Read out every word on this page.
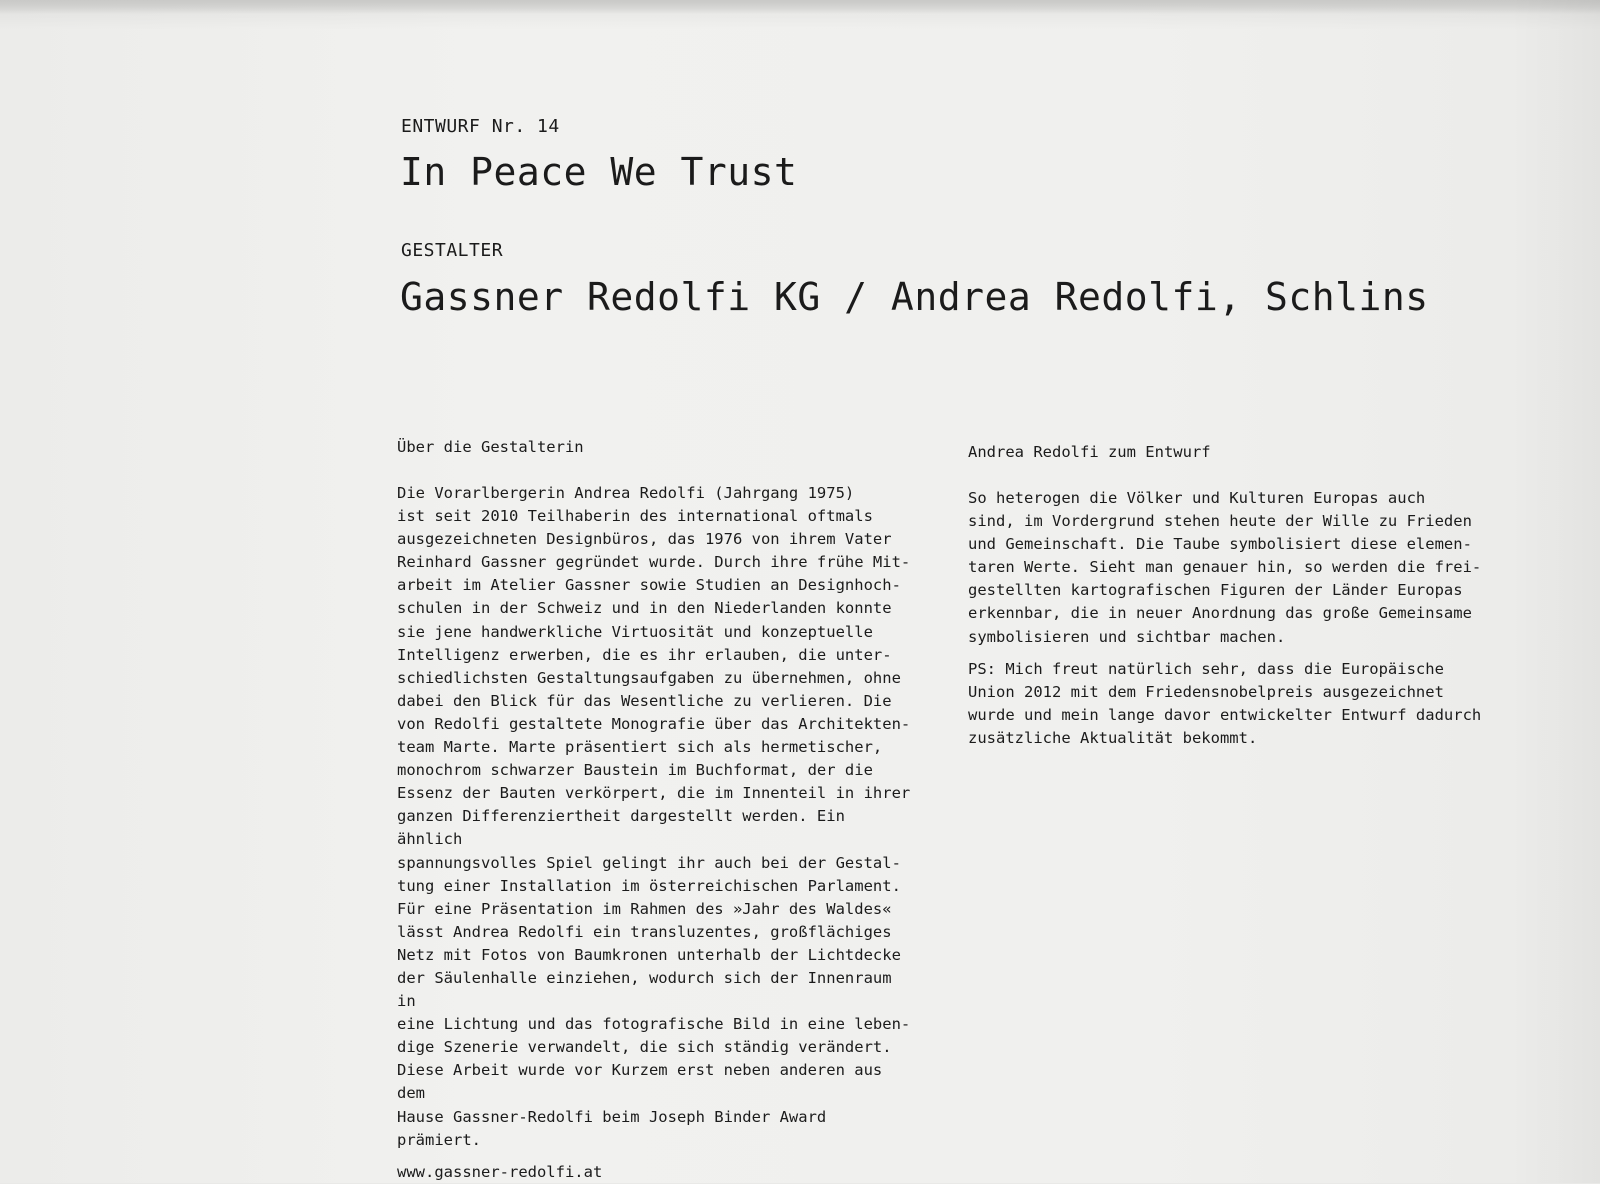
ENTWURF Nr. 14
In Peace We Trust
GESTALTER
Gassner Redolfi KG / Andrea Redolfi, Schlins
Über die Gestalterin

Die Vorarlbergerin Andrea Redolfi (Jahrgang 1975)
ist seit 2010 Teilhaberin des international oftmals
ausgezeichneten Designbüros, das 1976 von ihrem Vater
Reinhard Gassner gegründet wurde. Durch ihre frühe Mit-
arbeit im Atelier Gassner sowie Studien an Designhoch-
schulen in der Schweiz und in den Niederlanden konnte
sie jene handwerkliche Virtuosität und konzeptuelle
Intelligenz erwerben, die es ihr erlauben, die unter-
schiedlichsten Gestaltungsaufgaben zu übernehmen, ohne
dabei den Blick für das Wesentliche zu verlieren. Die
von Redolfi gestaltete Monografie über das Architekten-
team Marte. Marte präsentiert sich als hermetischer,
monochrom schwarzer Baustein im Buchformat, der die
Essenz der Bauten verkörpert, die im Innenteil in ihrer
ganzen Differenziertheit dargestellt werden. Ein ähnlich
spannungsvolles Spiel gelingt ihr auch bei der Gestal-
tung einer Installation im österreichischen Parlament.
Für eine Präsentation im Rahmen des »Jahr des Waldes«
lässt Andrea Redolfi ein transluzentes, großflächiges
Netz mit Fotos von Baumkronen unterhalb der Lichtdecke
der Säulenhalle einziehen, wodurch sich der Innenraum in
eine Lichtung und das fotografische Bild in eine leben-
dige Szenerie verwandelt, die sich ständig verändert.
Diese Arbeit wurde vor Kurzem erst neben anderen aus dem
Hause Gassner-Redolfi beim Joseph Binder Award prämiert.

www.gassner-redolfi.at
Andrea Redolfi zum Entwurf

So heterogen die Völker und Kulturen Europas auch
sind, im Vordergrund stehen heute der Wille zu Frieden
und Gemeinschaft. Die Taube symbolisiert diese elemen-
taren Werte. Sieht man genauer hin, so werden die frei-
gestellten kartografischen Figuren der Länder Europas
erkennbar, die in neuer Anordnung das große Gemeinsame
symbolisieren und sichtbar machen.

PS: Mich freut natürlich sehr, dass die Europäische
Union 2012 mit dem Friedensnobelpreis ausgezeichnet
wurde und mein lange davor entwickelter Entwurf dadurch
zusätzliche Aktualität bekommt.
